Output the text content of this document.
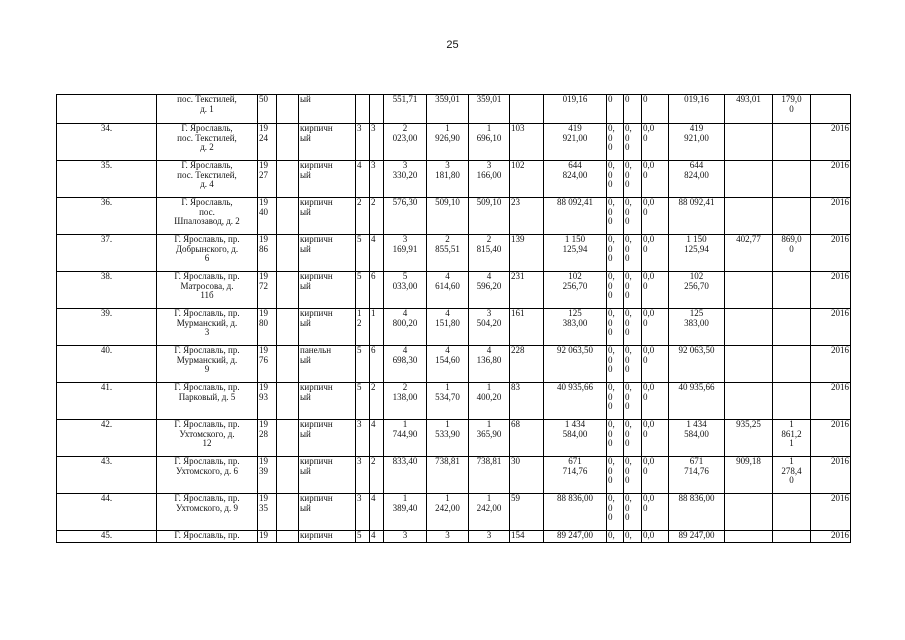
25
	пос. Текстилей,
д. 1	50		ый			551,71	359,01	359,01		019,16	0	0	0	019,16	493,01	179,0
0	
34.	Г. Ярославль,
пос. Текстилей,
д. 2	19
24		кирпичн
ый	3	3	2
023,00	1
926,90	1
696,10	103	419
921,00	0,
0
0	0,
0
0	0,0
0	419
921,00			2016
35.	Г. Ярославль,
пос. Текстилей,
д. 4	19
27		кирпичн
ый	4	3	3
330,20	3
181,80	3
166,00	102	644
824,00	0,
0
0	0,
0
0	0,0
0	644
824,00			2016
36.	Г. Ярославль,
пос.
Шпалозавод, д. 2	19
40		кирпичн
ый	2	2	576,30	509,10	509,10	23	88 092,41	0,
0
0	0,
0
0	0,0
0	88 092,41			2016
37.	Г. Ярославль, пр.
Добрынского, д.
6	19
86		кирпичн
ый	5	4	3
169,91	2
855,51	2
815,40	139	1 150
125,94	0,
0
0	0,
0
0	0,0
0	1 150
125,94	402,77	869,0
0	2016
38.	Г. Ярославль, пр.
Матросова, д.
11б	19
72		кирпичн
ый	5	6	5
033,00	4
614,60	4
596,20	231	102
256,70	0,
0
0	0,
0
0	0,0
0	102
256,70			2016
39.	Г. Ярославль, пр.
Мурманский, д.
3	19
80		кирпичн
ый	1
2	1	4
800,20	4
151,80	3
504,20	161	125
383,00	0,
0
0	0,
0
0	0,0
0	125
383,00			2016
40.	Г. Ярославль, пр.
Мурманский, д.
9	19
76		панельн
ый	5	6	4
698,30	4
154,60	4
136,80	228	92 063,50	0,
0
0	0,
0
0	0,0
0	92 063,50			2016
41.	Г. Ярославль, пр.
Парковый, д. 5	19
93		кирпичн
ый	5	2	2
138,00	1
534,70	1
400,20	83	40 935,66	0,
0
0	0,
0
0	0,0
0	40 935,66			2016
42.	Г. Ярославль, пр.
Ухтомского, д.
12	19
28		кирпичн
ый	3	4	1
744,90	1
533,90	1
365,90	68	1 434
584,00	0,
0
0	0,
0
0	0,0
0	1 434
584,00	935,25	1
861,2
1	2016
43.	Г. Ярославль, пр.
Ухтомского, д. 6	19
39		кирпичн
ый	3	2	833,40	738,81	738,81	30	671
714,76	0,
0
0	0,
0
0	0,0
0	671
714,76	909,18	1
278,4
0	2016
44.	Г. Ярославль, пр.
Ухтомского, д. 9	19
35		кирпичн
ый	3	4	1
389,40	1
242,00	1
242,00	59	88 836,00	0,
0
0	0,
0
0	0,0
0	88 836,00			2016
45.	Г. Ярославль, пр.	19		кирпичн	5	4	3	3	3	154	89 247,00	0,	0,	0,0	89 247,00			2016
